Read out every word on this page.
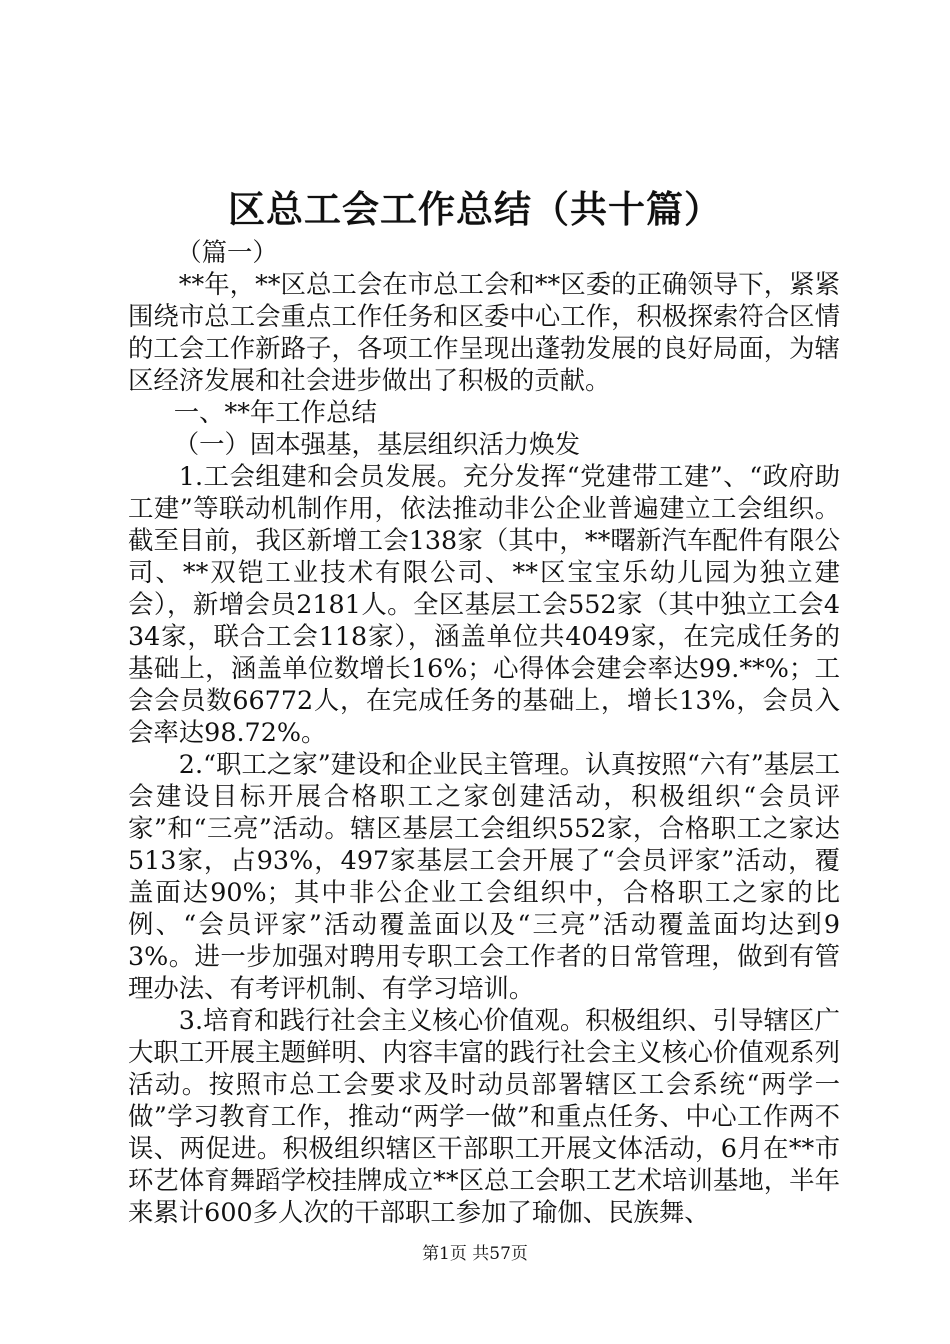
区总工会工作总结（共十篇）

（篇一）

**年，**区总工会在市总工会和**区委的正确领导下，紧紧围绕市总工会重点工作任务和区委中心工作，积极探索符合区情的工会工作新路子，各项工作呈现出蓬勃发展的良好局面，为辖区经济发展和社会进步做出了积极的贡献。

一、**年工作总结

（一）固本强基，基层组织活力焕发

1.工会组建和会员发展。充分发挥“党建带工建”、“政府助工建”等联动机制作用，依法推动非公企业普遍建立工会组织。截至目前，我区新增工会138家（其中，**曙新汽车配件有限公司、**双铠工业技术有限公司、**区宝宝乐幼儿园为独立建会），新增会员2181人。全区基层工会552家（其中独立工会434家，联合工会118家），涵盖单位共4049家，在完成任务的基础上，涵盖单位数增长16%；心得体会建会率达99.**%；工会会员数66772人，在完成任务的基础上，增长13%，会员入会率达98.72%。

2.“职工之家”建设和企业民主管理。认真按照“六有”基层工会建设目标开展合格职工之家创建活动，积极组织“会员评家”和“三亮”活动。辖区基层工会组织552家，合格职工之家达513家，占93%，497家基层工会开展了“会员评家”活动，覆盖面达90%；其中非公企业工会组织中，合格职工之家的比例、“会员评家”活动覆盖面以及“三亮”活动覆盖面均达到93%。进一步加强对聘用专职工会工作者的日常管理，做到有管理办法、有考评机制、有学习培训。

3.培育和践行社会主义核心价值观。积极组织、引导辖区广大职工开展主题鲜明、内容丰富的践行社会主义核心价值观系列活动。按照市总工会要求及时动员部署辖区工会系统“两学一做”学习教育工作，推动“两学一做”和重点任务、中心工作两不误、两促进。积极组织辖区干部职工开展文体活动，6月在**市环艺体育舞蹈学校挂牌成立**区总工会职工艺术培训基地，半年来累计600多人次的干部职工参加了瑜伽、民族舞、

第1页 共57页
